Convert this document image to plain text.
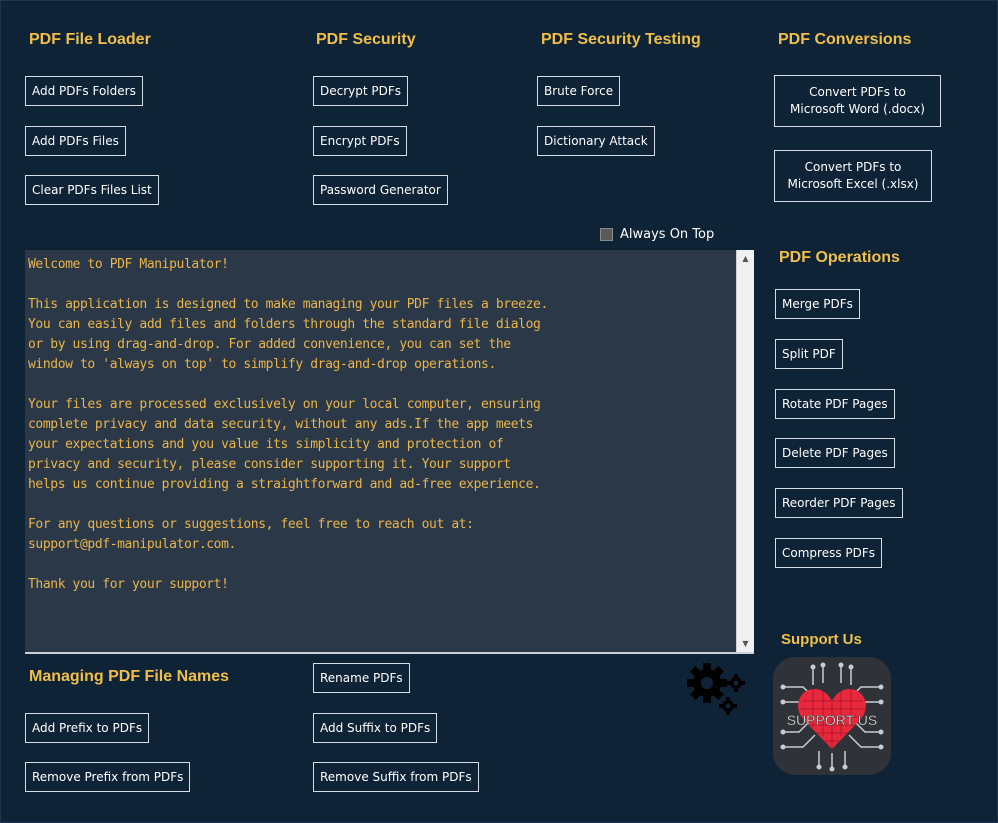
PDF File Loader	PDF Security	PDF Security Testing	PDF Conversions
Add PDFs Folders
Add PDFs Files
Clear PDFs Files List
Decrypt PDFs
Encrypt PDFs
Password Generator
Brute Force
Dictionary Attack
Convert PDFs to
Microsoft Word (.docx)
Convert PDFs to
Microsoft Excel (.xlsx)
Always On Top
Welcome to PDF Manipulator!

This application is designed to make managing your PDF files a breeze.
You can easily add files and folders through the standard file dialog
or by using drag-and-drop. For added convenience, you can set the
window to 'always on top' to simplify drag-and-drop operations.

Your files are processed exclusively on your local computer, ensuring
complete privacy and data security, without any ads.If the app meets
your expectations and you value its simplicity and protection of
privacy and security, please consider supporting it. Your support
helps us continue providing a straightforward and ad-free experience.

For any questions or suggestions, feel free to reach out at:
support@pdf-manipulator.com.

Thank you for your support!
▲
▼
PDF Operations
Merge PDFs
Split PDF
Rotate PDF Pages
Delete PDF Pages
Reorder PDF Pages
Compress PDFs
Managing PDF File Names	Rename PDFs
Add Prefix to PDFs	Add Suffix to PDFs
Remove Prefix from PDFs	Remove Suffix from PDFs
Support Us
SUPPORT US
